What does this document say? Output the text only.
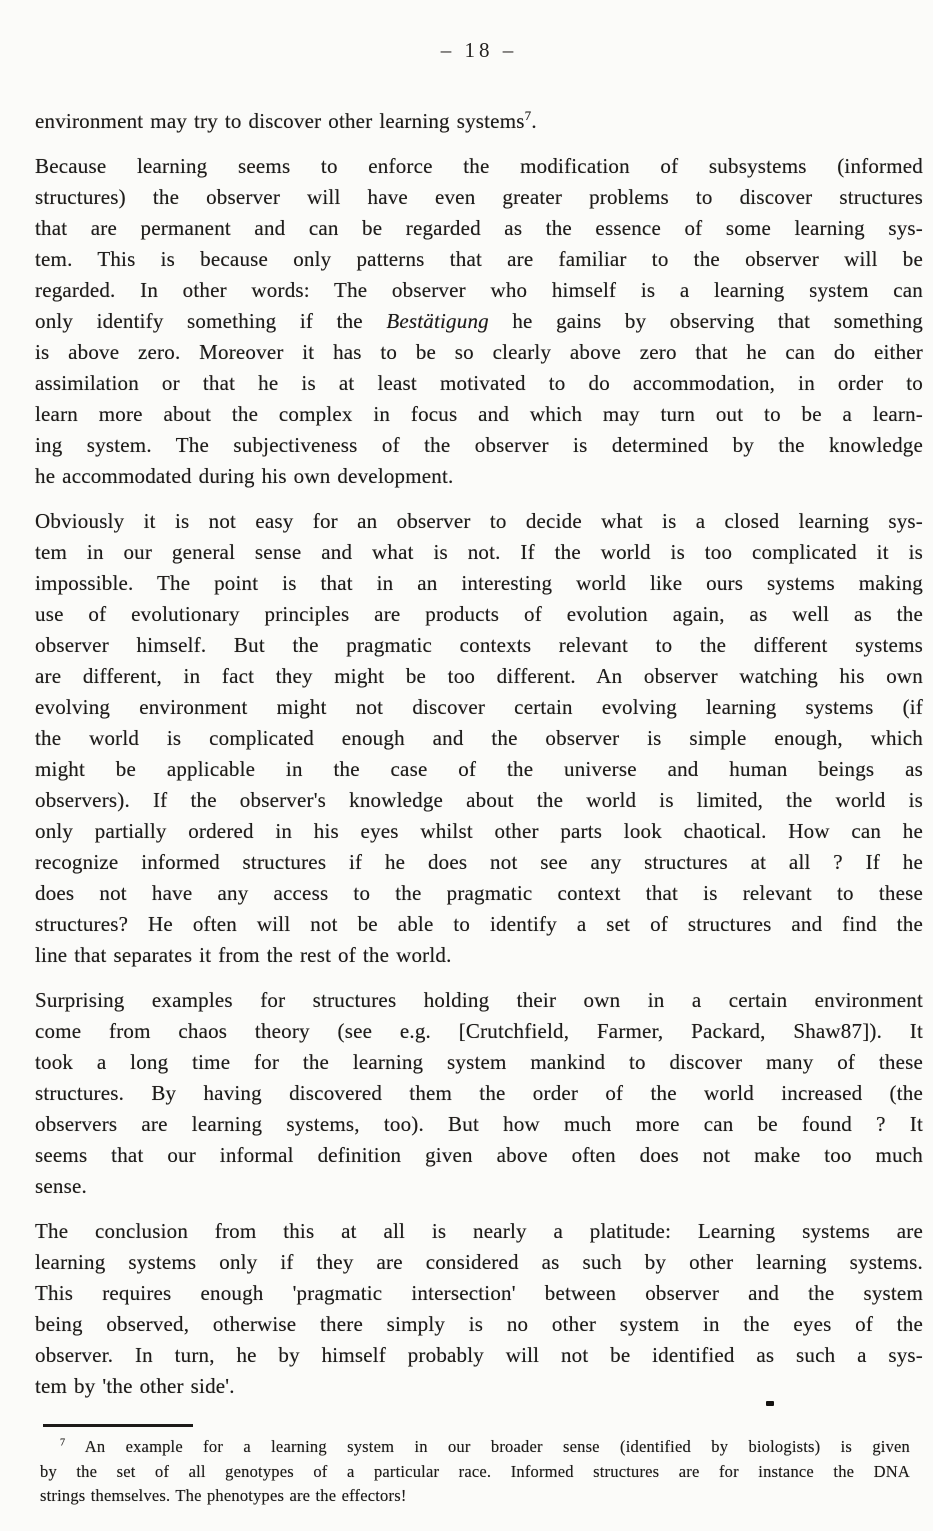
– 18 –
environment may try to discover other learning systems$^7$.
Because learning seems to enforce the modification of subsystems (informed
structures) the observer will have even greater problems to discover structures
that are permanent and can be regarded as the essence of some learning sys-
tem. This is because only patterns that are familiar to the observer will be
regarded. In other words: The observer who himself is a learning system can
only identify something if the Bestätigung he gains by observing that something
is above zero. Moreover it has to be so clearly above zero that he can do either
assimilation or that he is at least motivated to do accommodation, in order to
learn more about the complex in focus and which may turn out to be a learn-
ing system. The subjectiveness of the observer is determined by the knowledge
he accommodated during his own development.
Obviously it is not easy for an observer to decide what is a closed learning sys-
tem in our general sense and what is not. If the world is too complicated it is
impossible. The point is that in an interesting world like ours systems making
use of evolutionary principles are products of evolution again, as well as the
observer himself. But the pragmatic contexts relevant to the different systems
are different, in fact they might be too different. An observer watching his own
evolving environment might not discover certain evolving learning systems (if
the world is complicated enough and the observer is simple enough, which
might be applicable in the case of the universe and human beings as
observers). If the observer's knowledge about the world is limited, the world is
only partially ordered in his eyes whilst other parts look chaotical. How can he
recognize informed structures if he does not see any structures at all ? If he
does not have any access to the pragmatic context that is relevant to these
structures? He often will not be able to identify a set of structures and find the
line that separates it from the rest of the world.
Surprising examples for structures holding their own in a certain environment
come from chaos theory (see e.g. [Crutchfield, Farmer, Packard, Shaw87]). It
took a long time for the learning system mankind to discover many of these
structures. By having discovered them the order of the world increased (the
observers are learning systems, too). But how much more can be found ? It
seems that our informal definition given above often does not make too much
sense.
The conclusion from this at all is nearly a platitude: Learning systems are
learning systems only if they are considered as such by other learning systems.
This requires enough 'pragmatic intersection' between observer and the system
being observed, otherwise there simply is no other system in the eyes of the
observer. In turn, he by himself probably will not be identified as such a sys-
tem by 'the other side'.
$^7$ An example for a learning system in our broader sense (identified by biologists) is given
by the set of all genotypes of a particular race. Informed structures are for instance the DNA
strings themselves. The phenotypes are the effectors!
